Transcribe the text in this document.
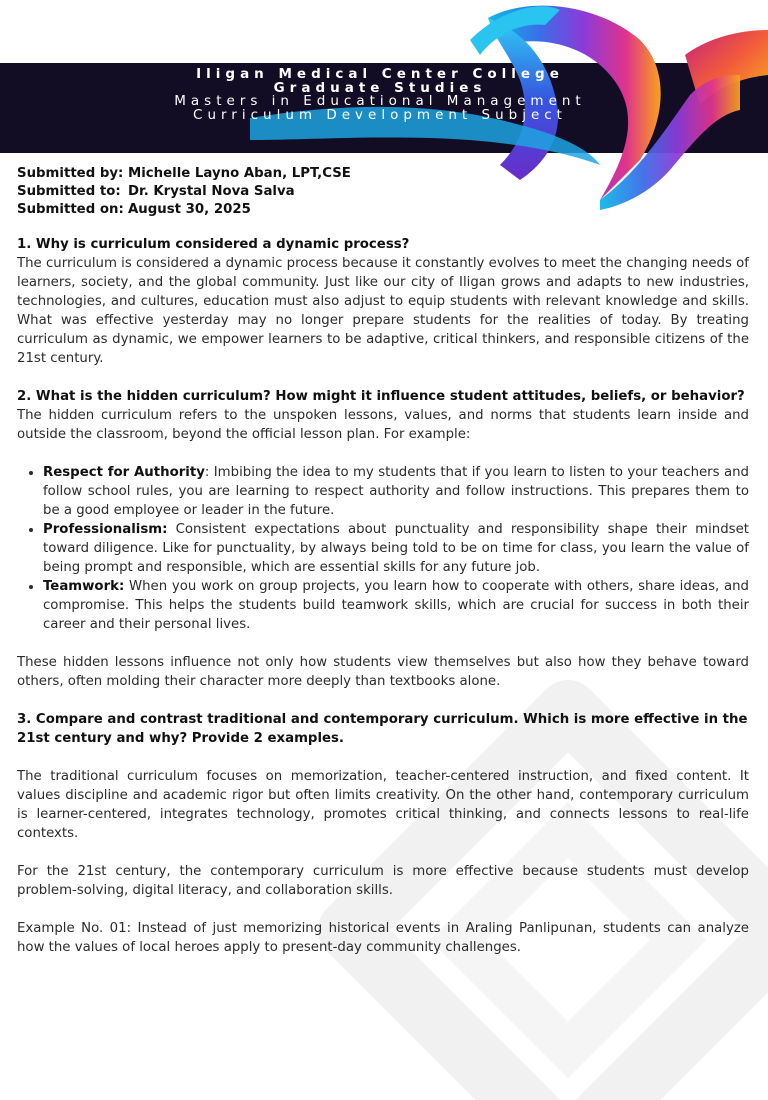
Iligan Medical Center College
Graduate Studies
Masters in Educational Management
Curriculum Development Subject
Submitted by: Michelle Layno Aban, LPT,CSE
Submitted to: Dr. Krystal Nova Salva
Submitted on: August 30, 2025

1. Why is curriculum considered a dynamic process?

The curriculum is considered a dynamic process because it constantly evolves to meet the changing needs of learners, society, and the global community. Just like our city of Iligan grows and adapts to new industries, technologies, and cultures, education must also adjust to equip students with relevant knowledge and skills. What was effective yesterday may no longer prepare students for the realities of today. By treating curriculum as dynamic, we empower learners to be adaptive, critical thinkers, and responsible citizens of the 21st century.

2. What is the hidden curriculum? How might it influence student attitudes, beliefs, or behavior?

The hidden curriculum refers to the unspoken lessons, values, and norms that students learn inside and outside the classroom, beyond the official lesson plan. For example:

• Respect for Authority: Imbibing the idea to my students that if you learn to listen to your teachers and follow school rules, you are learning to respect authority and follow instructions. This prepares them to be a good employee or leader in the future.
• Professionalism: Consistent expectations about punctuality and responsibility shape their mindset toward diligence. Like for punctuality, by always being told to be on time for class, you learn the value of being prompt and responsible, which are essential skills for any future job.
• Teamwork: When you work on group projects, you learn how to cooperate with others, share ideas, and compromise. This helps the students build teamwork skills, which are crucial for success in both their career and their personal lives.

These hidden lessons influence not only how students view themselves but also how they behave toward others, often molding their character more deeply than textbooks alone.

3. Compare and contrast traditional and contemporary curriculum. Which is more effective in the 21st century and why? Provide 2 examples.

The traditional curriculum focuses on memorization, teacher-centered instruction, and fixed content. It values discipline and academic rigor but often limits creativity. On the other hand, contemporary curriculum is learner-centered, integrates technology, promotes critical thinking, and connects lessons to real-life contexts.

For the 21st century, the contemporary curriculum is more effective because students must develop problem-solving, digital literacy, and collaboration skills.

Example No. 01: Instead of just memorizing historical events in Araling Panlipunan, students can analyze how the values of local heroes apply to present-day community challenges.
